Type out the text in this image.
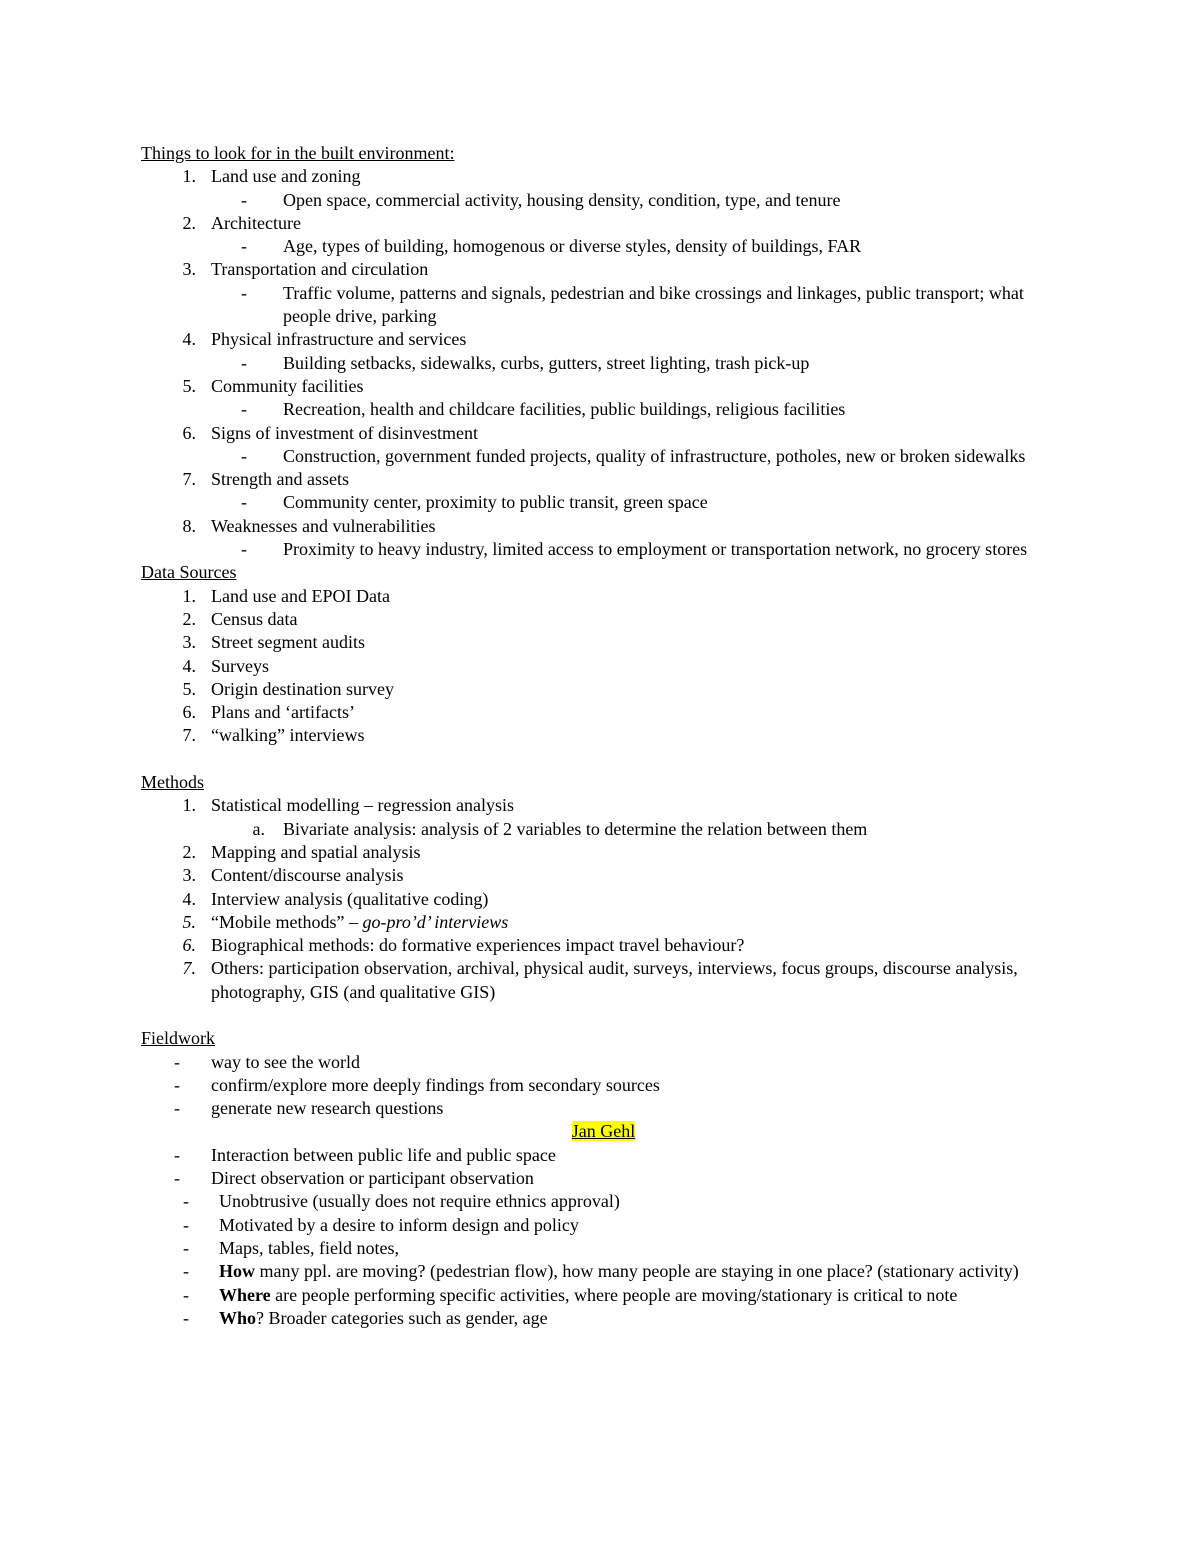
Things to look for in the built environment:
1. Land use and zoning
-	Open space, commercial activity, housing density, condition, type, and tenure
2. Architecture
-	Age, types of building, homogenous or diverse styles, density of buildings, FAR
3. Transportation and circulation
-	Traffic volume, patterns and signals, pedestrian and bike crossings and linkages, public transport; what people drive, parking
4. Physical infrastructure and services
-	Building setbacks, sidewalks, curbs, gutters, street lighting, trash pick-up
5. Community facilities
-	Recreation, health and childcare facilities, public buildings, religious facilities
6. Signs of investment of disinvestment
-	Construction, government funded projects, quality of infrastructure, potholes, new or broken sidewalks
7. Strength and assets
-	Community center, proximity to public transit, green space
8. Weaknesses and vulnerabilities
-	Proximity to heavy industry, limited access to employment or transportation network, no grocery stores
Data Sources
1. Land use and EPOI Data
2. Census data
3. Street segment audits
4. Surveys
5. Origin destination survey
6. Plans and ‘artifacts’
7. “walking” interviews
Methods
1. Statistical modelling – regression analysis
a.	Bivariate analysis: analysis of 2 variables to determine the relation between them
2. Mapping and spatial analysis
3. Content/discourse analysis
4. Interview analysis (qualitative coding)
5. “Mobile methods” – go-pro’d’ interviews
6. Biographical methods: do formative experiences impact travel behaviour?
7. Others: participation observation, archival, physical audit, surveys, interviews, focus groups, discourse analysis, photography, GIS (and qualitative GIS)
Fieldwork
-	way to see the world
-	confirm/explore more deeply findings from secondary sources
-	generate new research questions
Jan Gehl
-	Interaction between public life and public space
-	Direct observation or participant observation
-	Unobtrusive (usually does not require ethnics approval)
-	Motivated by a desire to inform design and policy
-	Maps, tables, field notes,
-	How many ppl. are moving? (pedestrian flow), how many people are staying in one place? (stationary activity)
-	Where are people performing specific activities, where people are moving/stationary is critical to note
-	Who? Broader categories such as gender, age
